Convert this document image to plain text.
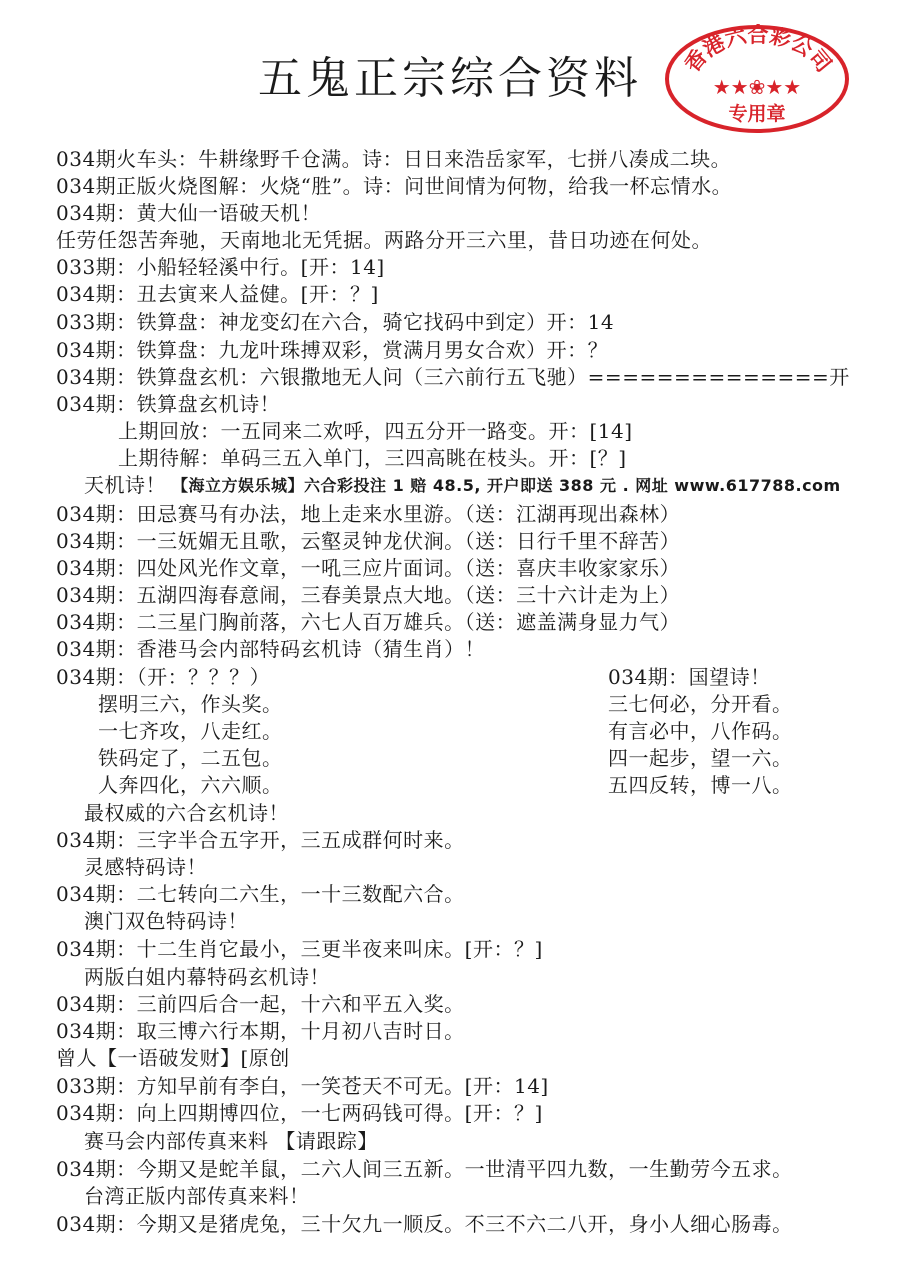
五鬼正宗综合资料	香港六合彩公司
★★❀★★
专用章
034期火车头：牛耕缘野千仓满。诗：日日来浩岳家军，七拼八凑成二块。
034期正版火烧图解：火烧“胜”。诗：问世间情为何物，给我一杯忘情水。
034期：黄大仙一语破天机！
任劳任怨苦奔驰，天南地北无凭据。两路分开三六里，昔日功迹在何处。
033期：小船轻轻溪中行。[开：14]
034期：丑去寅来人益健。[开：？]
033期：铁算盘：神龙变幻在六合，骑它找码中到定）开：14
034期：铁算盘：九龙叶珠搏双彩，赏满月男女合欢）开：？
034期：铁算盘玄机：六银撒地无人问（三六前行五飞驰）==============开
034期：铁算盘玄机诗！
上期回放：一五同来二欢呼，四五分开一路变。开：[14]
上期待解：单码三五入单门，三四高眺在枝头。开：[？]
天机诗！ 【海立方娱乐城】六合彩投注 1 赔 48.5, 开户即送 388 元 . 网址 www.617788.com
034期：田忌赛马有办法，地上走来水里游。（送：江湖再现出森林）
034期：一三妩媚无且歌，云壑灵钟龙伏涧。（送：日行千里不辞苦）
034期：四处风光作文章，一吼三应片面词。（送：喜庆丰收家家乐）
034期：五湖四海春意闹，三春美景点大地。（送：三十六计走为上）
034期：二三星门胸前落，六七人百万雄兵。（送：遮盖满身显力气）
034期：香港马会内部特码玄机诗（猜生肖）！
034期：（开：？？？）
摆明三六，作头奖。
一七齐攻，八走红。
铁码定了，二五包。
人奔四化，六六顺。
034期：国望诗！
三七何必，分开看。
有言必中，八作码。
四一起步，望一六。
五四反转，博一八。
最权威的六合玄机诗！
034期：三字半合五字开，三五成群何时来。
灵感特码诗！
034期：二七转向二六生，一十三数配六合。
澳门双色特码诗！
034期：十二生肖它最小，三更半夜来叫床。[开：？]
两版白姐内幕特码玄机诗！
034期：三前四后合一起，十六和平五入奖。
034期：取三博六行本期，十月初八吉时日。
曾人【一语破发财】[原创
033期：方知早前有李白，一笑苍天不可无。[开：14]
034期：向上四期博四位，一七两码钱可得。[开：？]
赛马会内部传真来料 【请跟踪】
034期：今期又是蛇羊鼠，二六人间三五新。一世清平四九数，一生勤劳今五求。
台湾正版内部传真来料！
034期：今期又是猪虎兔，三十欠九一顺反。不三不六二八开，身小人细心肠毒。
